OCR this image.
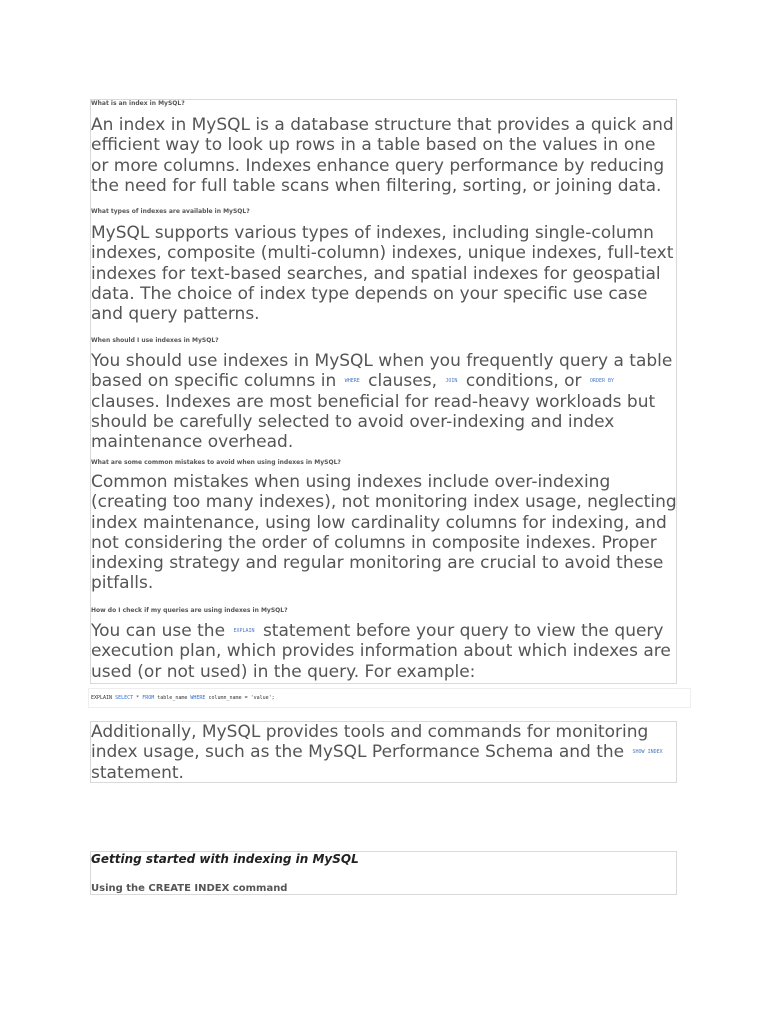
What is an index in MySQL?
An index in MySQL is a database structure that provides a quick and efficient way to look up rows in a table based on the values in one or more columns. Indexes enhance query performance by reducing the need for full table scans when filtering, sorting, or joining data.
What types of indexes are available in MySQL?
MySQL supports various types of indexes, including single-column indexes, composite (multi-column) indexes, unique indexes, full-text indexes for text-based searches, and spatial indexes for geospatial data. The choice of index type depends on your specific use case and query patterns.
When should I use indexes in MySQL?
You should use indexes in MySQL when you frequently query a table based on specific columns in WHERE clauses, JOIN conditions, or ORDER BY clauses. Indexes are most beneficial for read-heavy workloads but should be carefully selected to avoid over-indexing and index maintenance overhead.
What are some common mistakes to avoid when using indexes in MySQL?
Common mistakes when using indexes include over-indexing (creating too many indexes), not monitoring index usage, neglecting index maintenance, using low cardinality columns for indexing, and not considering the order of columns in composite indexes. Proper indexing strategy and regular monitoring are crucial to avoid these pitfalls.
How do I check if my queries are using indexes in MySQL?
You can use the EXPLAIN statement before your query to view the query execution plan, which provides information about which indexes are used (or not used) in the query. For example:
EXPLAIN SELECT * FROM table_name WHERE column_name = 'value';
Additionally, MySQL provides tools and commands for monitoring index usage, such as the MySQL Performance Schema and the SHOW INDEX statement.
Getting started with indexing in MySQL
Using the CREATE INDEX command
